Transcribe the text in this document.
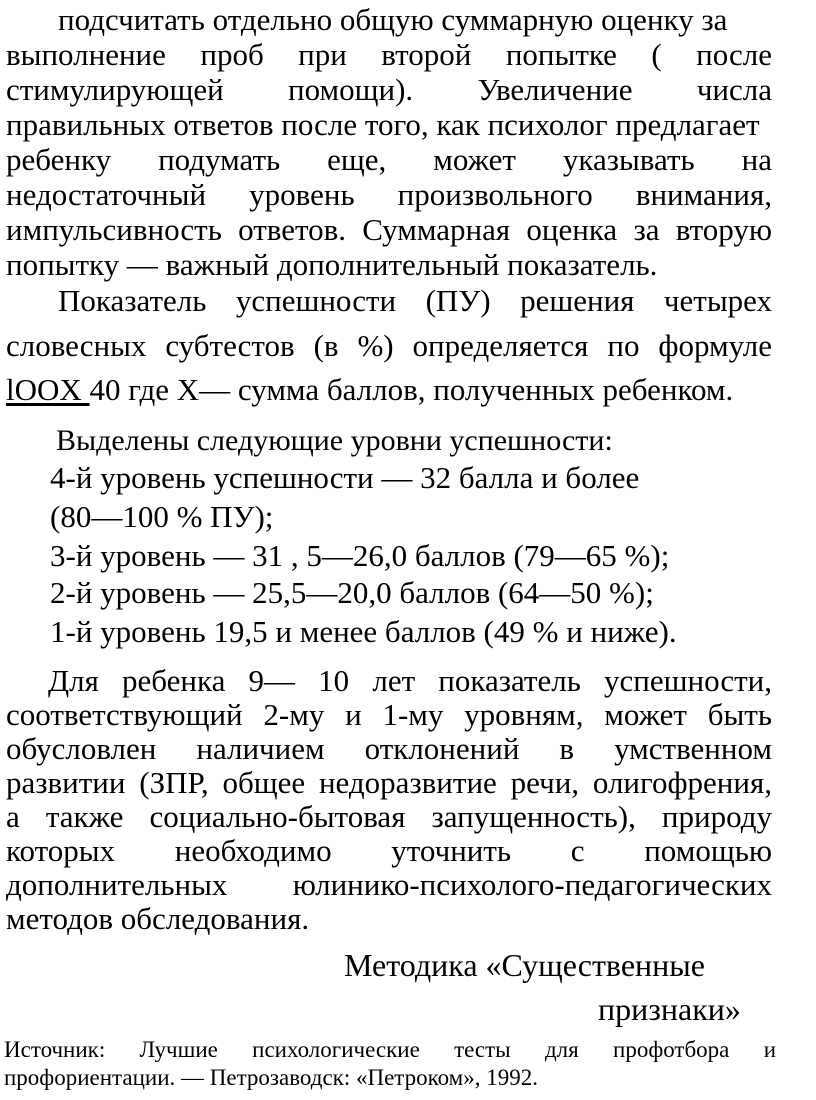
подсчитать отдельно общую суммарную оценку за
выполнение проб при второй попытке ( после
стимулирующей помощи). Увеличение числа
правильных ответов после того, как психолог предлагает
ребенку подумать еще, может указывать на
недостаточный уровень произвольного внимания,
импульсивность ответов. Суммарная оценка за вторую
попытку — важный дополнительный показатель.
Показатель успешности (ПУ) решения четырех
словесных субтестов (в %) определяется по формуле
lOOX 40 где X— сумма баллов, полученных ребенком.
Выделены следующие уровни успешности:
4-й уровень успешности — 32 балла и более
(80—100 % ПУ);
3-й уровень — 31 , 5—26,0 баллов (79—65 %);
2-й уровень — 25,5—20,0 баллов (64—50 %);
1-й уровень 19,5 и менее баллов (49 % и ниже).
Для ребенка 9— 10 лет показатель успешности,
соответствующий 2-му и 1-му уровням, может быть
обусловлен наличием отклонений в умственном
развитии (ЗПР, общее недоразвитие речи, олигофрения,
а также социально-бытовая запущенность), природу
которых необходимо уточнить с помощью
дополнительных юлинико-психолого-педагогических
методов обследования.
Методика «Существенные
признаки»
Источник: Лучшие психологические тесты для профотбора и
профориентации. — Петрозаводск: «Петроком», 1992.
